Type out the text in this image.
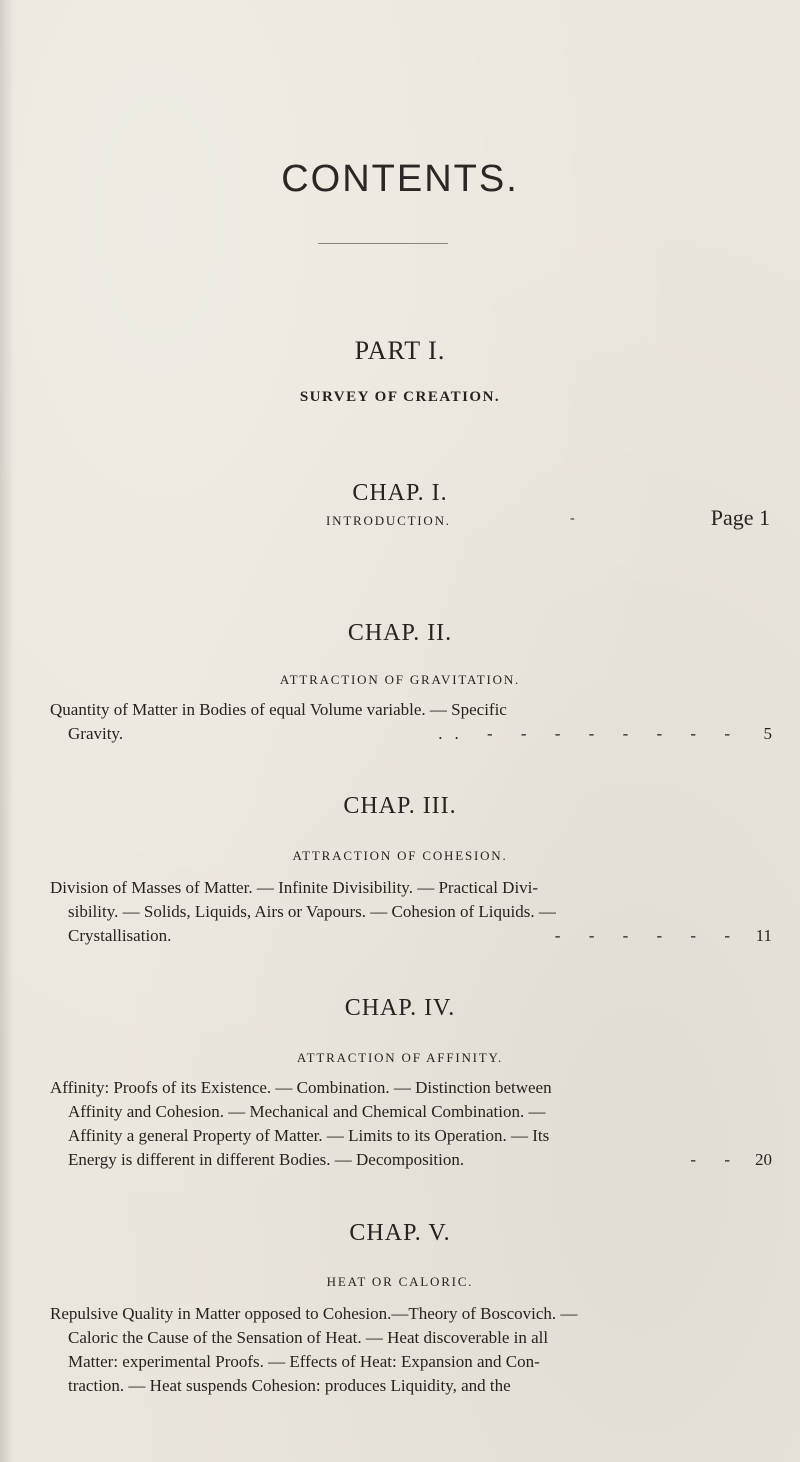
CONTENTS.
PART I.
SURVEY OF CREATION.
CHAP. I.
INTRODUCTION.	-	Page 1
CHAP. II.
ATTRACTION OF GRAVITATION.
Quantity of Matter in Bodies of equal Volume variable. — Specific
Gravity.	.. - - - - - - - - 5
CHAP. III.
ATTRACTION OF COHESION.
Division of Masses of Matter. — Infinite Divisibility. — Practical Divi-
sibility. — Solids, Liquids, Airs or Vapours. — Cohesion of Liquids. —
Crystallisation.	- - - - - - 11
CHAP. IV.
ATTRACTION OF AFFINITY.
Affinity: Proofs of its Existence. — Combination. — Distinction between
Affinity and Cohesion. — Mechanical and Chemical Combination. —
Affinity a general Property of Matter. — Limits to its Operation. — Its
Energy is different in different Bodies. — Decomposition.	- - 20
CHAP. V.
HEAT OR CALORIC.
Repulsive Quality in Matter opposed to Cohesion.—Theory of Boscovich. —
Caloric the Cause of the Sensation of Heat. — Heat discoverable in all
Matter: experimental Proofs. — Effects of Heat: Expansion and Con-
traction. — Heat suspends Cohesion: produces Liquidity, and the
